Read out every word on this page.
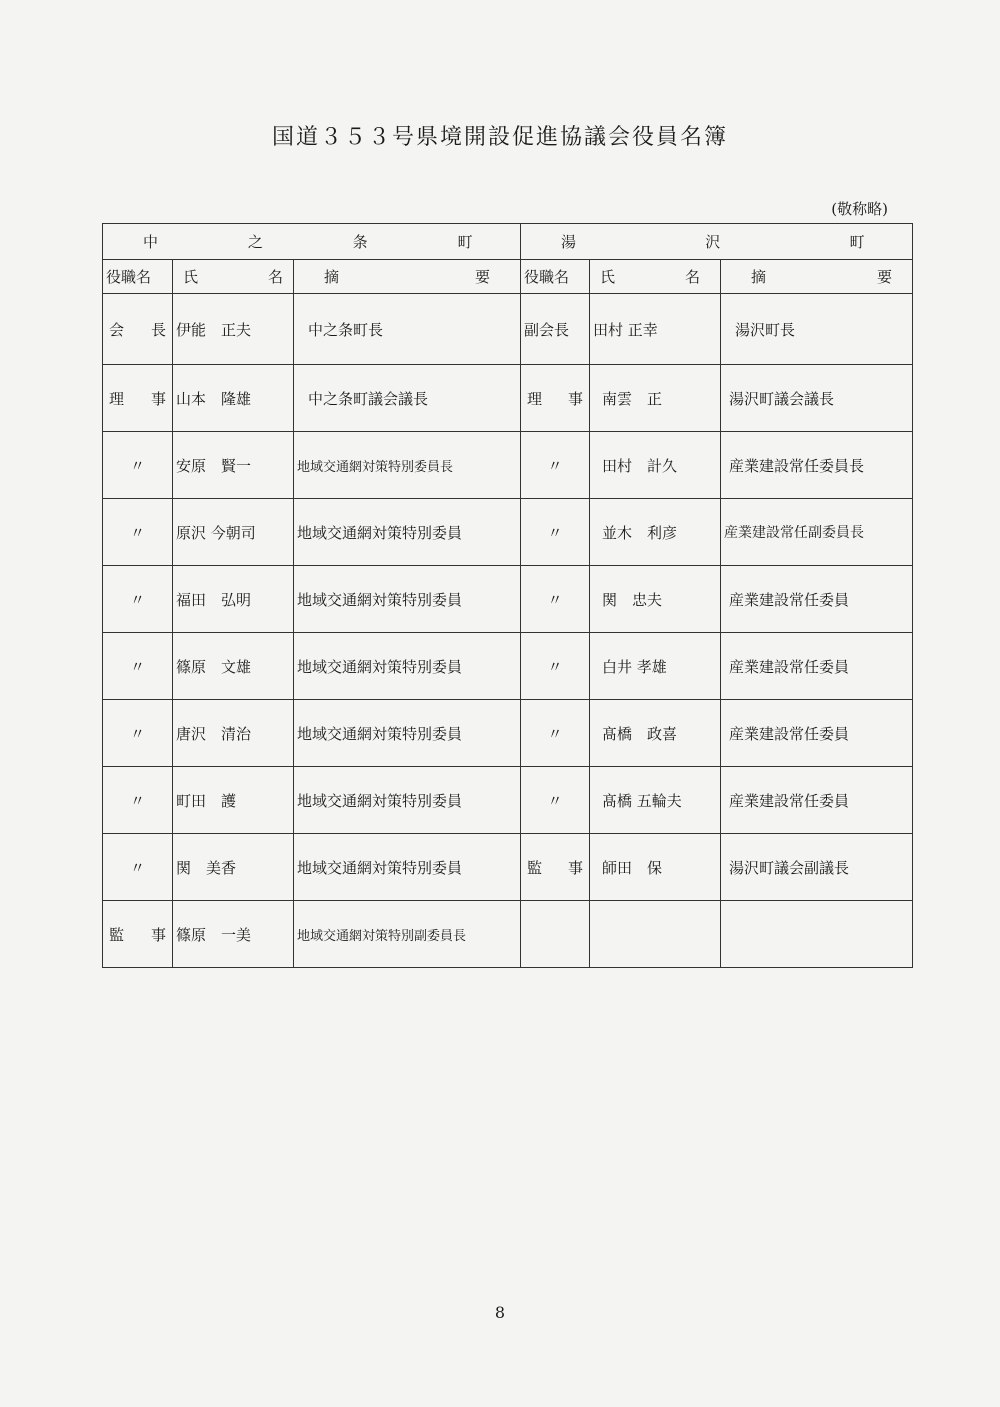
国道３５３号県境開設促進協議会役員名簿
(敬称略)
中　之　条　町			湯　沢　町		
役職名	氏　名	摘　要	役職名	氏　名	摘　要
会　長	伊能　正夫	中之条町長	副会長	田村 正幸	湯沢町長
理　事	山本　隆雄	中之条町議会議長	理　事	南雲　正	湯沢町議会議長
〃	安原　賢一	地域交通網対策特別委員長	〃	田村　計久	産業建設常任委員長
〃	原沢 今朝司	地域交通網対策特別委員	〃	並木　利彦	産業建設常任副委員長
〃	福田　弘明	地域交通網対策特別委員	〃	関　忠夫	産業建設常任委員
〃	篠原　文雄	地域交通網対策特別委員	〃	白井 孝雄	産業建設常任委員
〃	唐沢　清治	地域交通網対策特別委員	〃	髙橋　政喜	産業建設常任委員
〃	町田　護	地域交通網対策特別委員	〃	髙橋 五輪夫	産業建設常任委員
〃	関　美香	地域交通網対策特別委員	監　事	師田　保	湯沢町議会副議長
監　事	篠原　一美	地域交通網対策特別副委員長			
8
